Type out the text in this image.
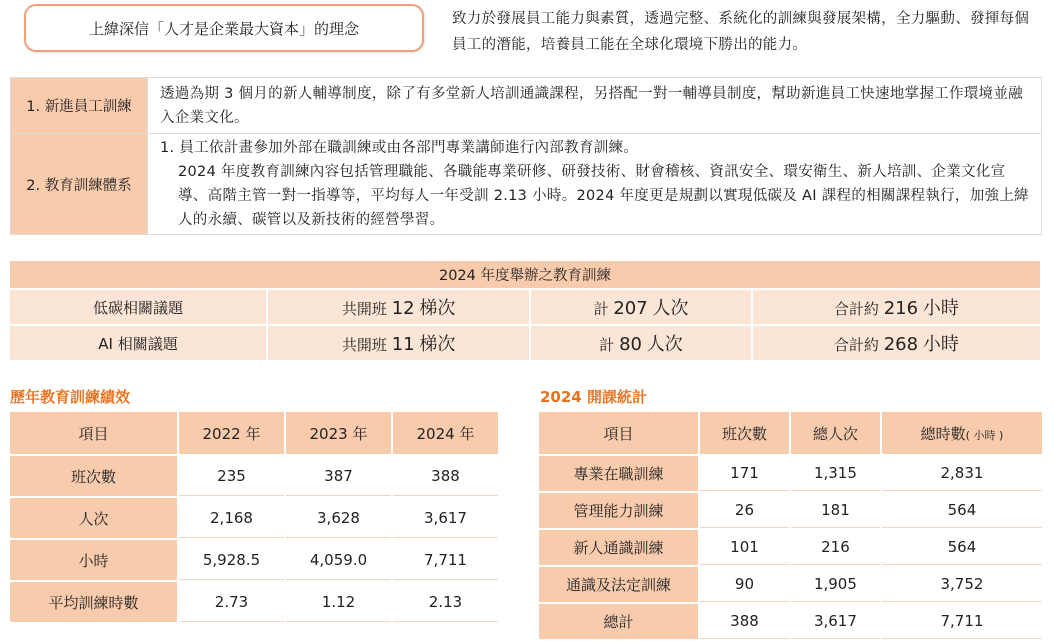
上緯深信「人才是企業最大資本」的理念
致力於發展員工能力與素質，透過完整、系統化的訓練與發展架構，全力驅動、發揮每個員工的潛能，培養員工能在全球化環境下勝出的能力。
1. 新進員工訓練	透過為期 3 個月的新人輔導制度，除了有多堂新人培訓通識課程，另搭配一對一輔導員制度，幫助新進員工快速地掌握工作環境並融入企業文化。
2. 教育訓練體系	1. 員工依計畫參加外部在職訓練或由各部門專業講師進行內部教育訓練。
2024 年度教育訓練內容包括管理職能、各職能專業研修、研發技術、財會稽核、資訊安全、環安衛生、新人培訓、企業文化宣導、高階主管一對一指導等，平均每人一年受訓 2.13 小時。2024 年度更是規劃以實現低碳及 AI 課程的相關課程執行，加強上緯人的永續、碳管以及新技術的經營學習。
2024 年度舉辦之教育訓練			
低碳相關議題	共開班 12 梯次	計 207 人次	合計約 216 小時
AI 相關議題	共開班 11 梯次	計 80 人次	合計約 268 小時
歷年教育訓練績效	2024 開課統計
項目	2022 年	2023 年	2024 年
班次數	235	387	388
人次	2,168	3,628	3,617
小時	5,928.5	4,059.0	7,711
平均訓練時數	2.73	1.12	2.13
項目	班次數	總人次	總時數( 小時 )
專業在職訓練	171	1,315	2,831
管理能力訓練	26	181	564
新人通識訓練	101	216	564
通識及法定訓練	90	1,905	3,752
總計	388	3,617	7,711
